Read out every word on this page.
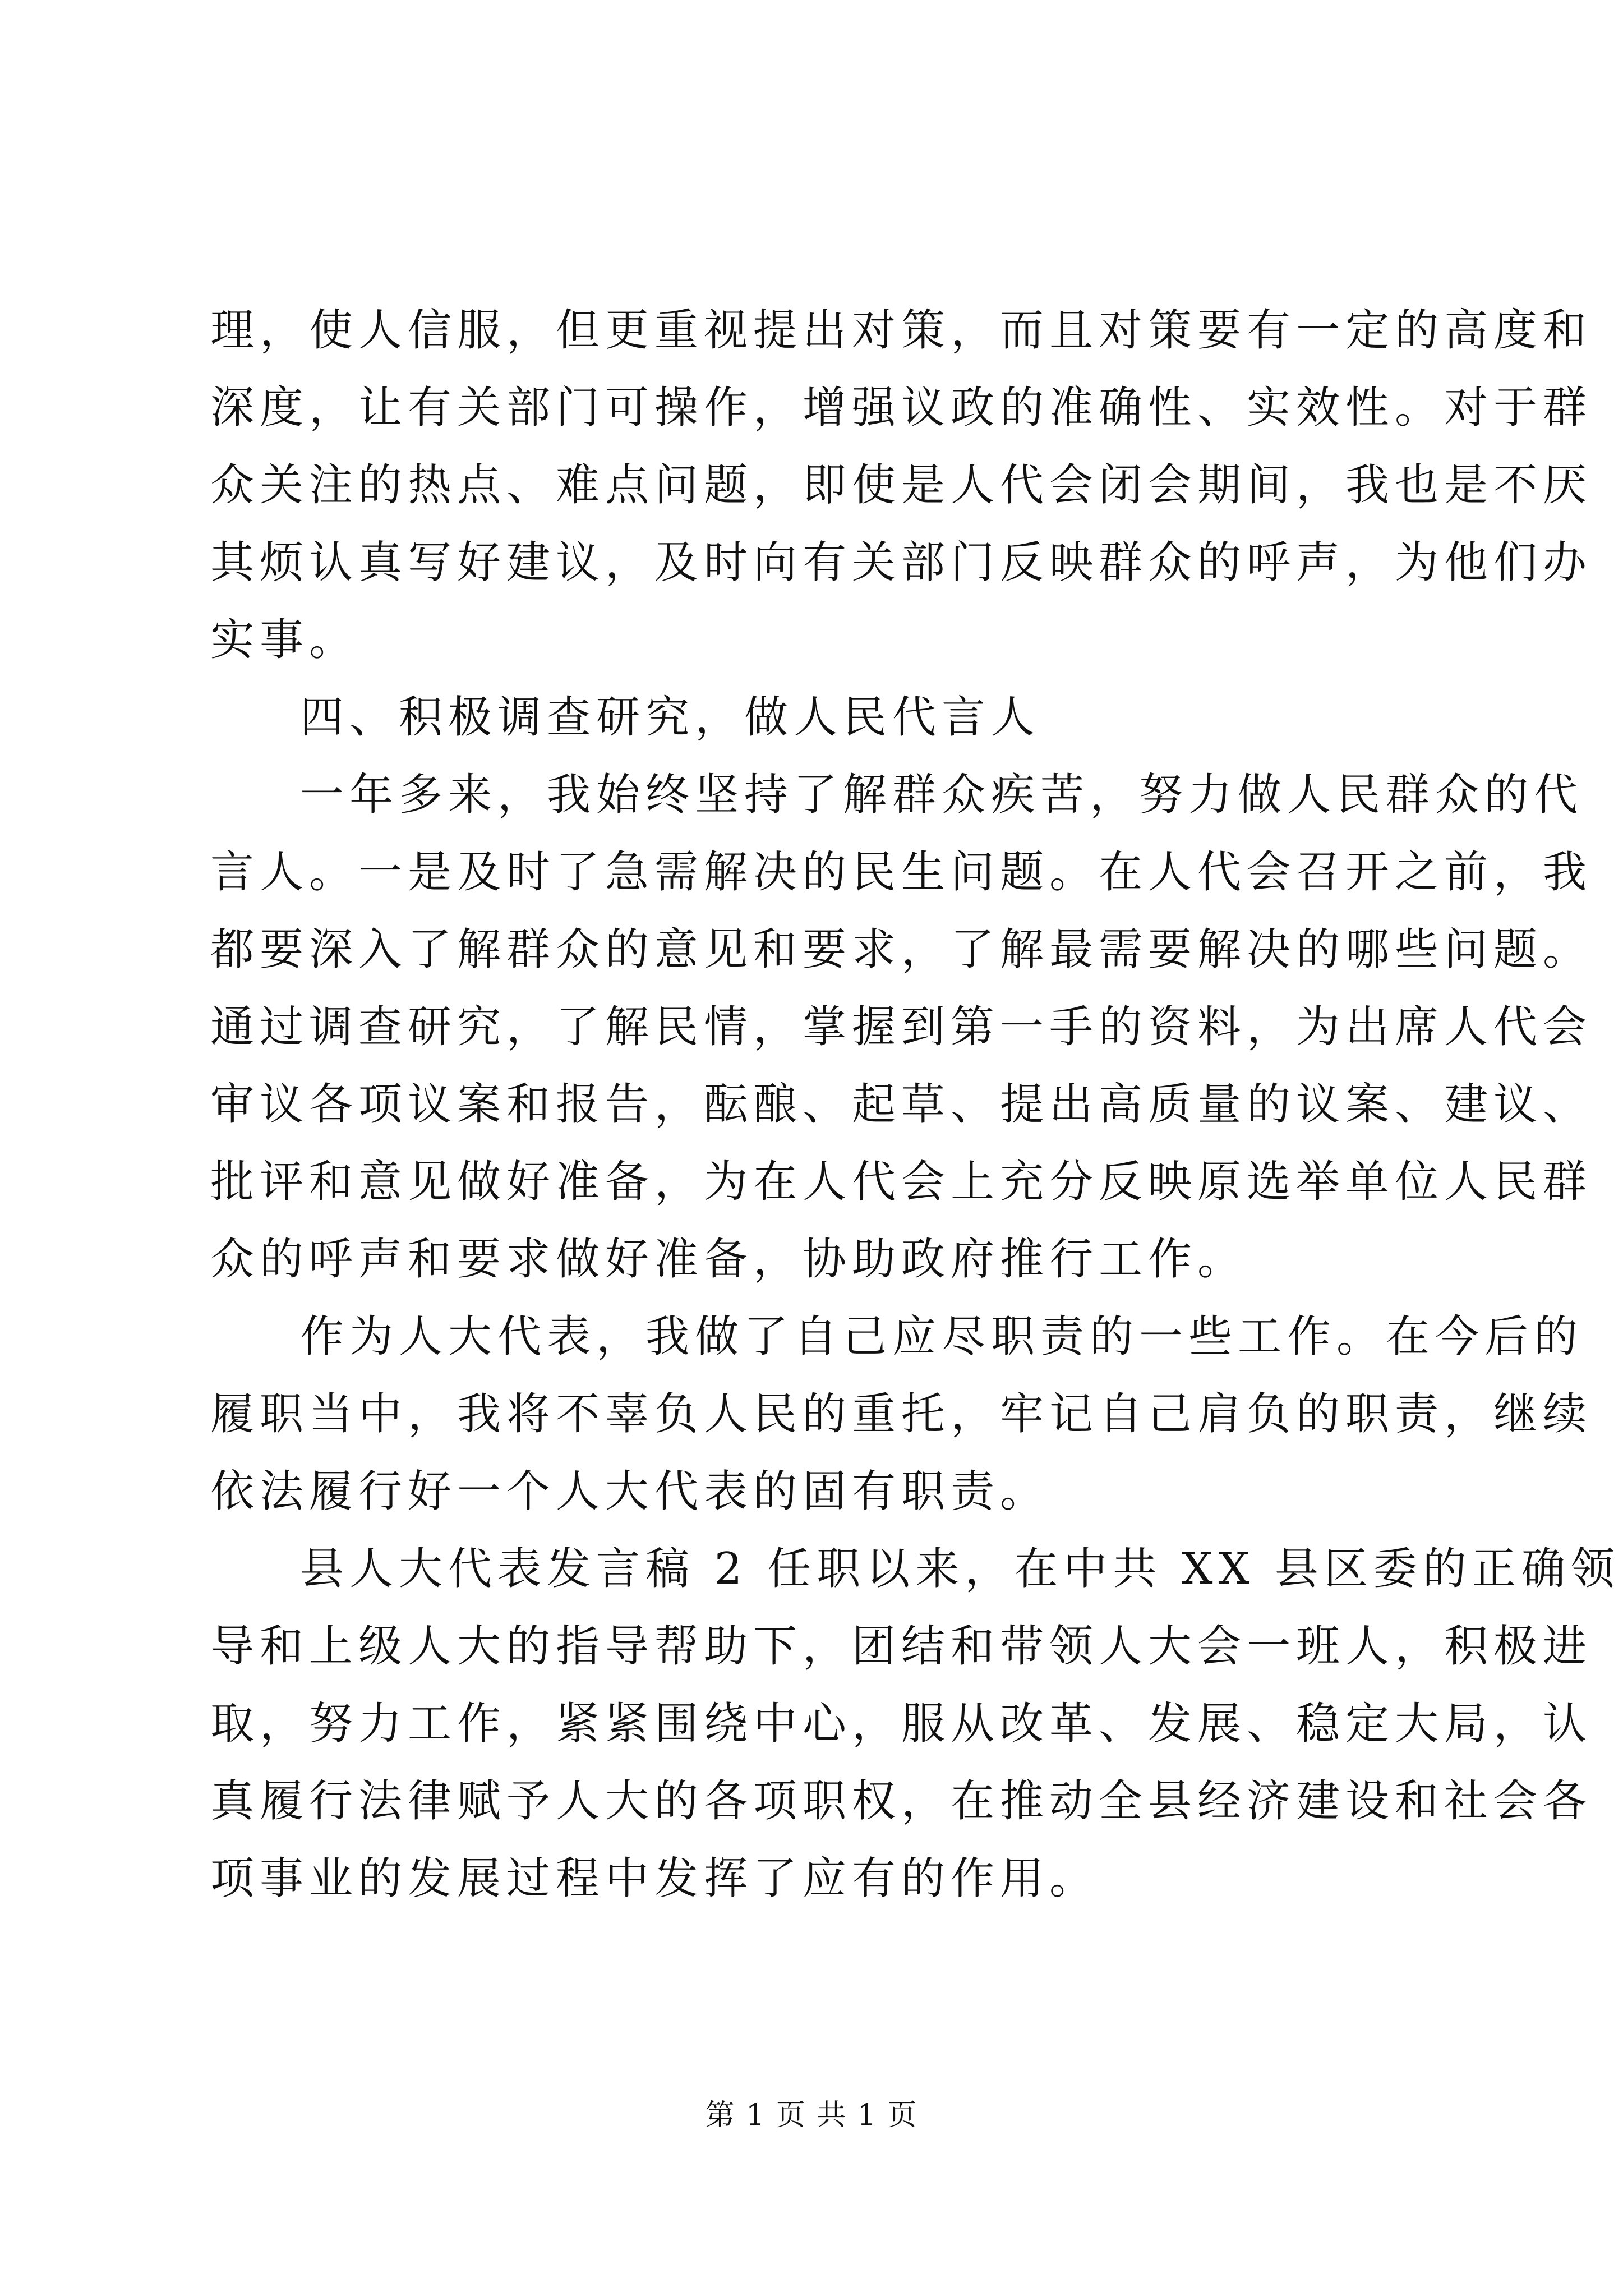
理，使人信服，但更重视提出对策，而且对策要有一定的高度和
深度，让有关部门可操作，增强议政的准确性、实效性。对于群
众关注的热点、难点问题，即使是人代会闭会期间，我也是不厌
其烦认真写好建议，及时向有关部门反映群众的呼声，为他们办
实事。
四、积极调查研究，做人民代言人
一年多来，我始终坚持了解群众疾苦，努力做人民群众的代
言人。一是及时了急需解决的民生问题。在人代会召开之前，我
都要深入了解群众的意见和要求，了解最需要解决的哪些问题。
通过调查研究，了解民情，掌握到第一手的资料，为出席人代会
审议各项议案和报告，酝酿、起草、提出高质量的议案、建议、
批评和意见做好准备，为在人代会上充分反映原选举单位人民群
众的呼声和要求做好准备，协助政府推行工作。
作为人大代表，我做了自己应尽职责的一些工作。在今后的
履职当中，我将不辜负人民的重托，牢记自己肩负的职责，继续
依法履行好一个人大代表的固有职责。
县人大代表发言稿 2 任职以来，在中共 XX 县区委的正确领
导和上级人大的指导帮助下，团结和带领人大会一班人，积极进
取，努力工作，紧紧围绕中心，服从改革、发展、稳定大局，认
真履行法律赋予人大的各项职权，在推动全县经济建设和社会各
项事业的发展过程中发挥了应有的作用。
第 1 页 共 1 页
